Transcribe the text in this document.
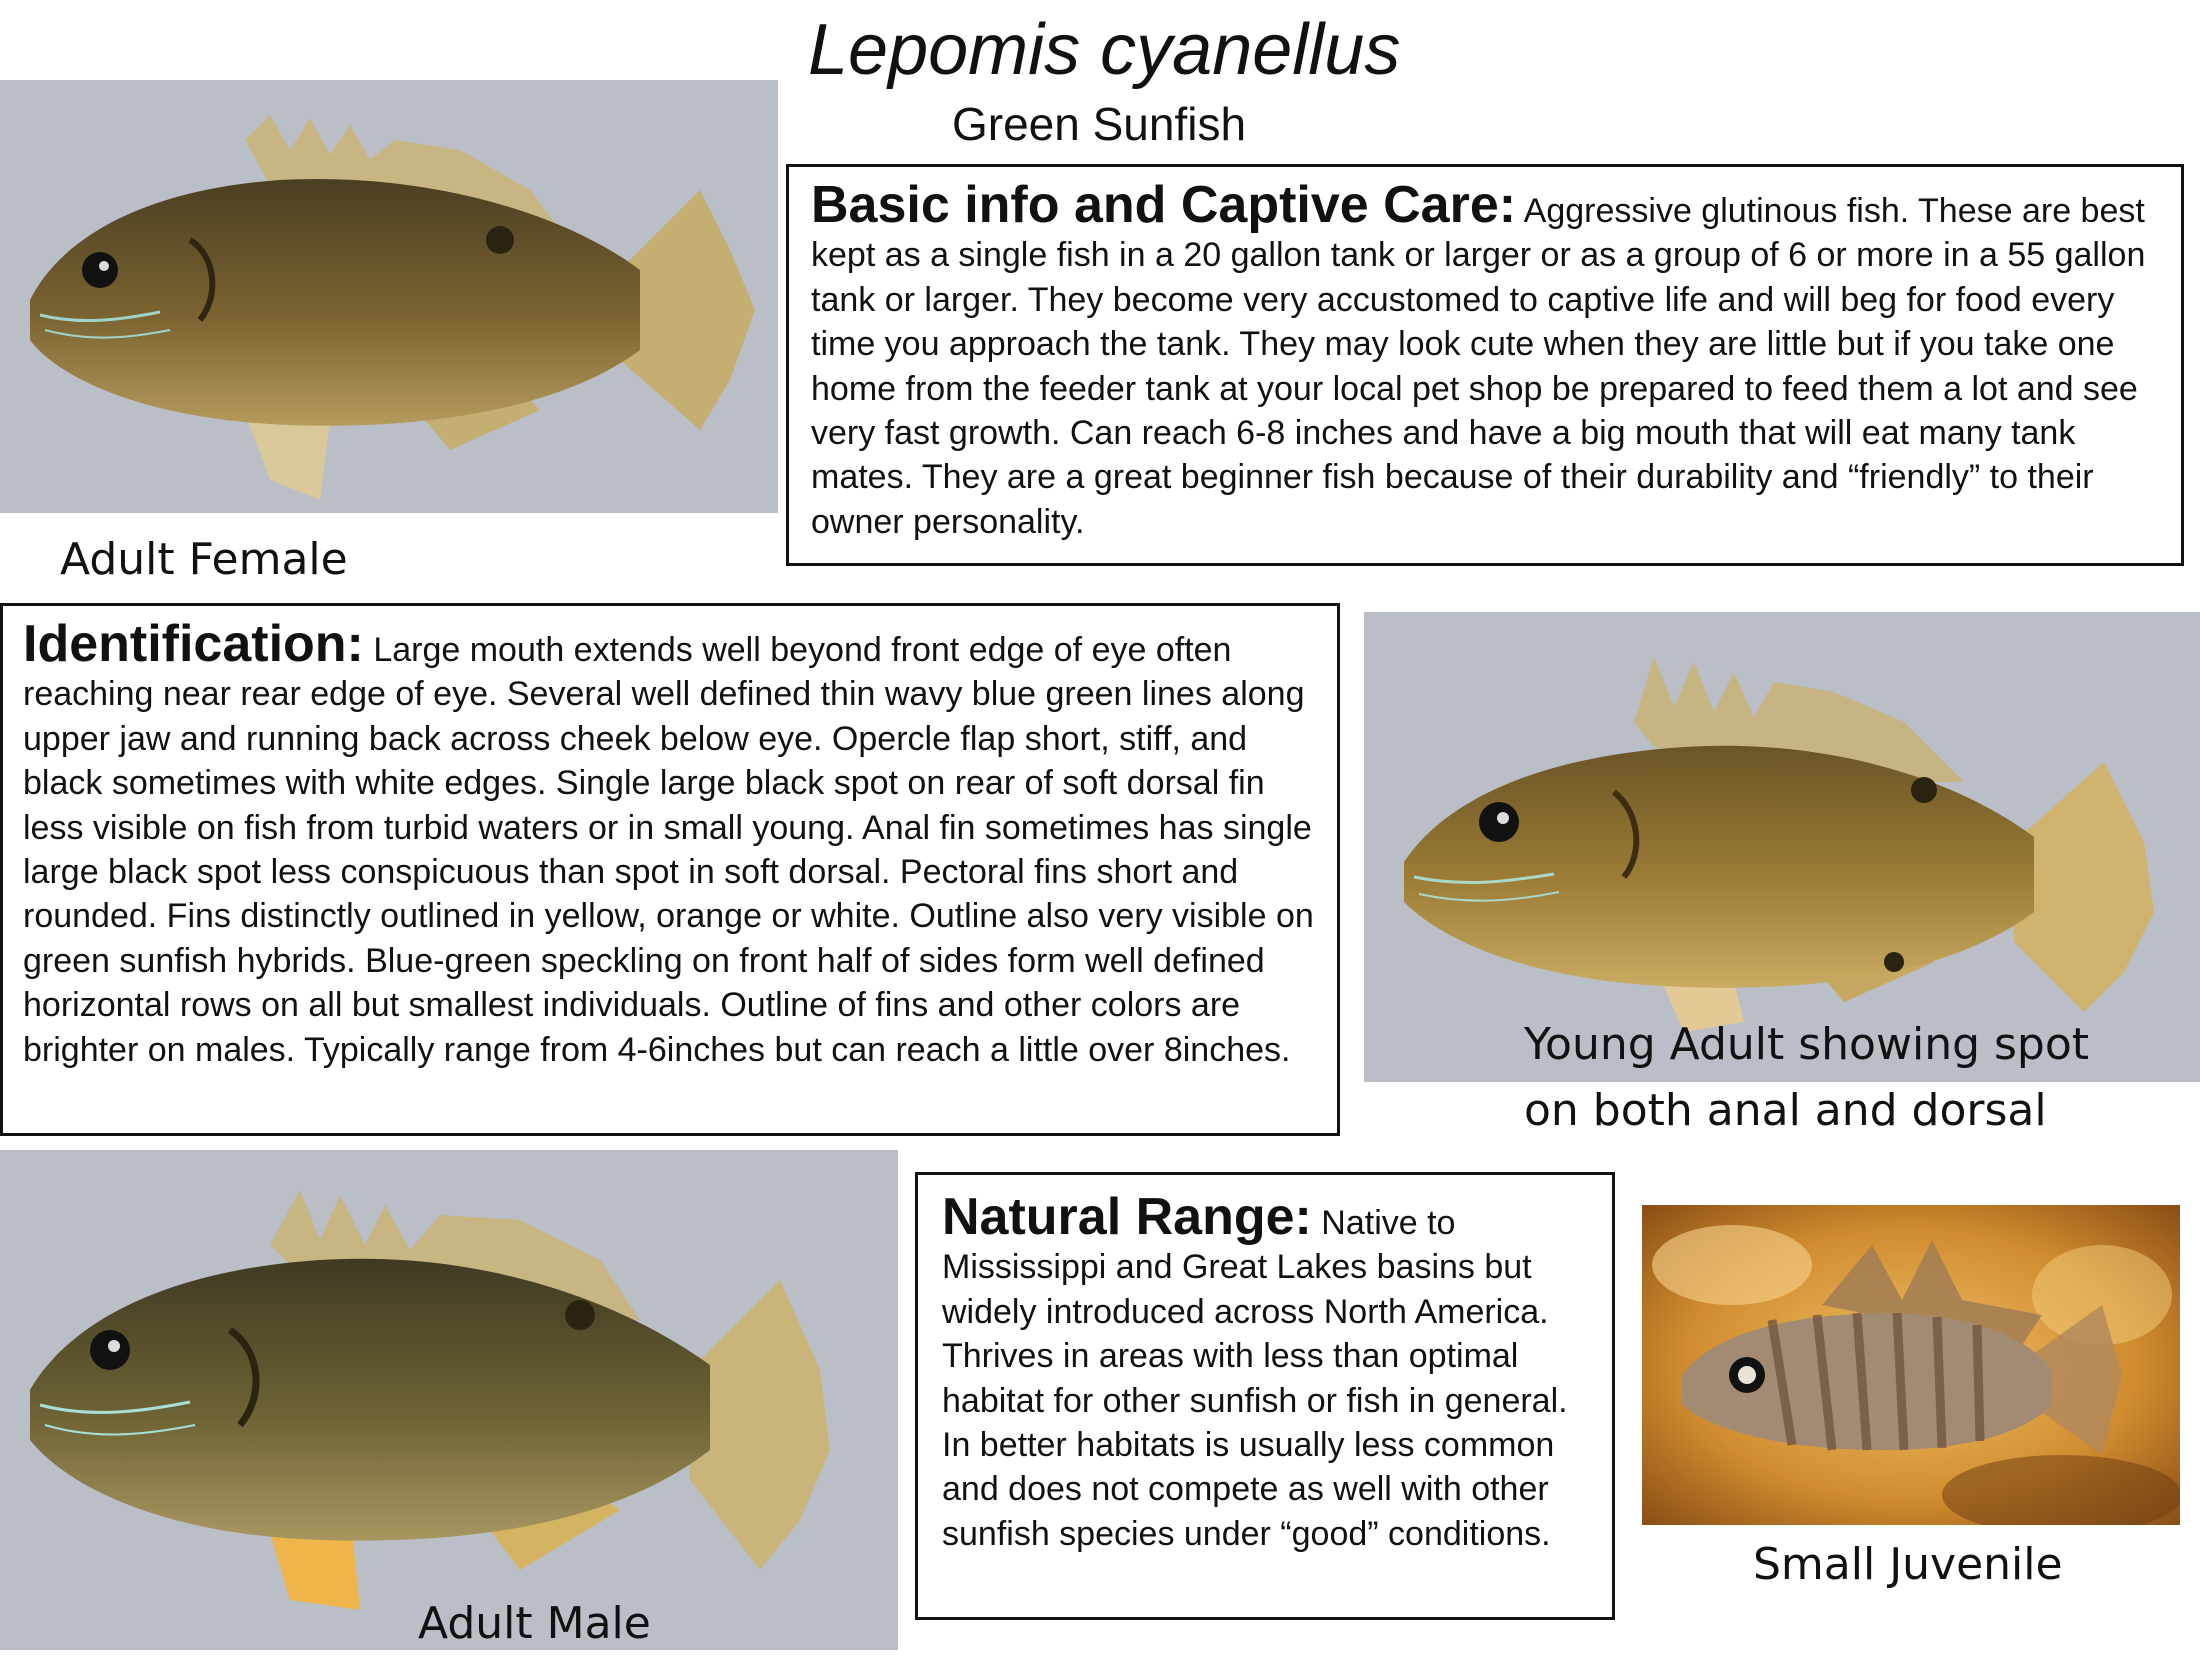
Lepomis cyanellus
Green Sunfish
Adult Female
Basic info and Captive Care: Aggressive glutinous fish. These are best kept as a single fish in a 20 gallon tank or larger or as a group of 6 or more in a 55 gallon tank or larger. They become very accustomed to captive life and will beg for food every time you approach the tank. They may look cute when they are little but if you take one home from the feeder tank at your local pet shop be prepared to feed them a lot and see very fast growth. Can reach 6-8 inches and have a big mouth that will eat many tank mates. They are a great beginner fish because of their durability and “friendly” to their owner personality.
Identification: Large mouth extends well beyond front edge of eye often reaching near rear edge of eye. Several well defined thin wavy blue green lines along upper jaw and running back across cheek below eye. Opercle flap short, stiff, and black sometimes with white edges. Single large black spot on rear of soft dorsal fin less visible on fish from turbid waters or in small young. Anal fin sometimes has single large black spot less conspicuous than spot in soft dorsal. Pectoral fins short and rounded. Fins distinctly outlined in yellow, orange or white. Outline also very visible on green sunfish hybrids. Blue-green speckling on front half of sides form well defined horizontal rows on all but smallest individuals. Outline of fins and other colors are brighter on males. Typically range from 4-6inches but can reach a little over 8inches.	Young Adult showing spot
on both anal and dorsal
Adult Male
Natural Range: Native to Mississippi and Great Lakes basins but widely introduced across North America. Thrives in areas with less than optimal habitat for other sunfish or fish in general. In better habitats is usually less common and does not compete as well with other sunfish species under “good” conditions.
Small Juvenile
